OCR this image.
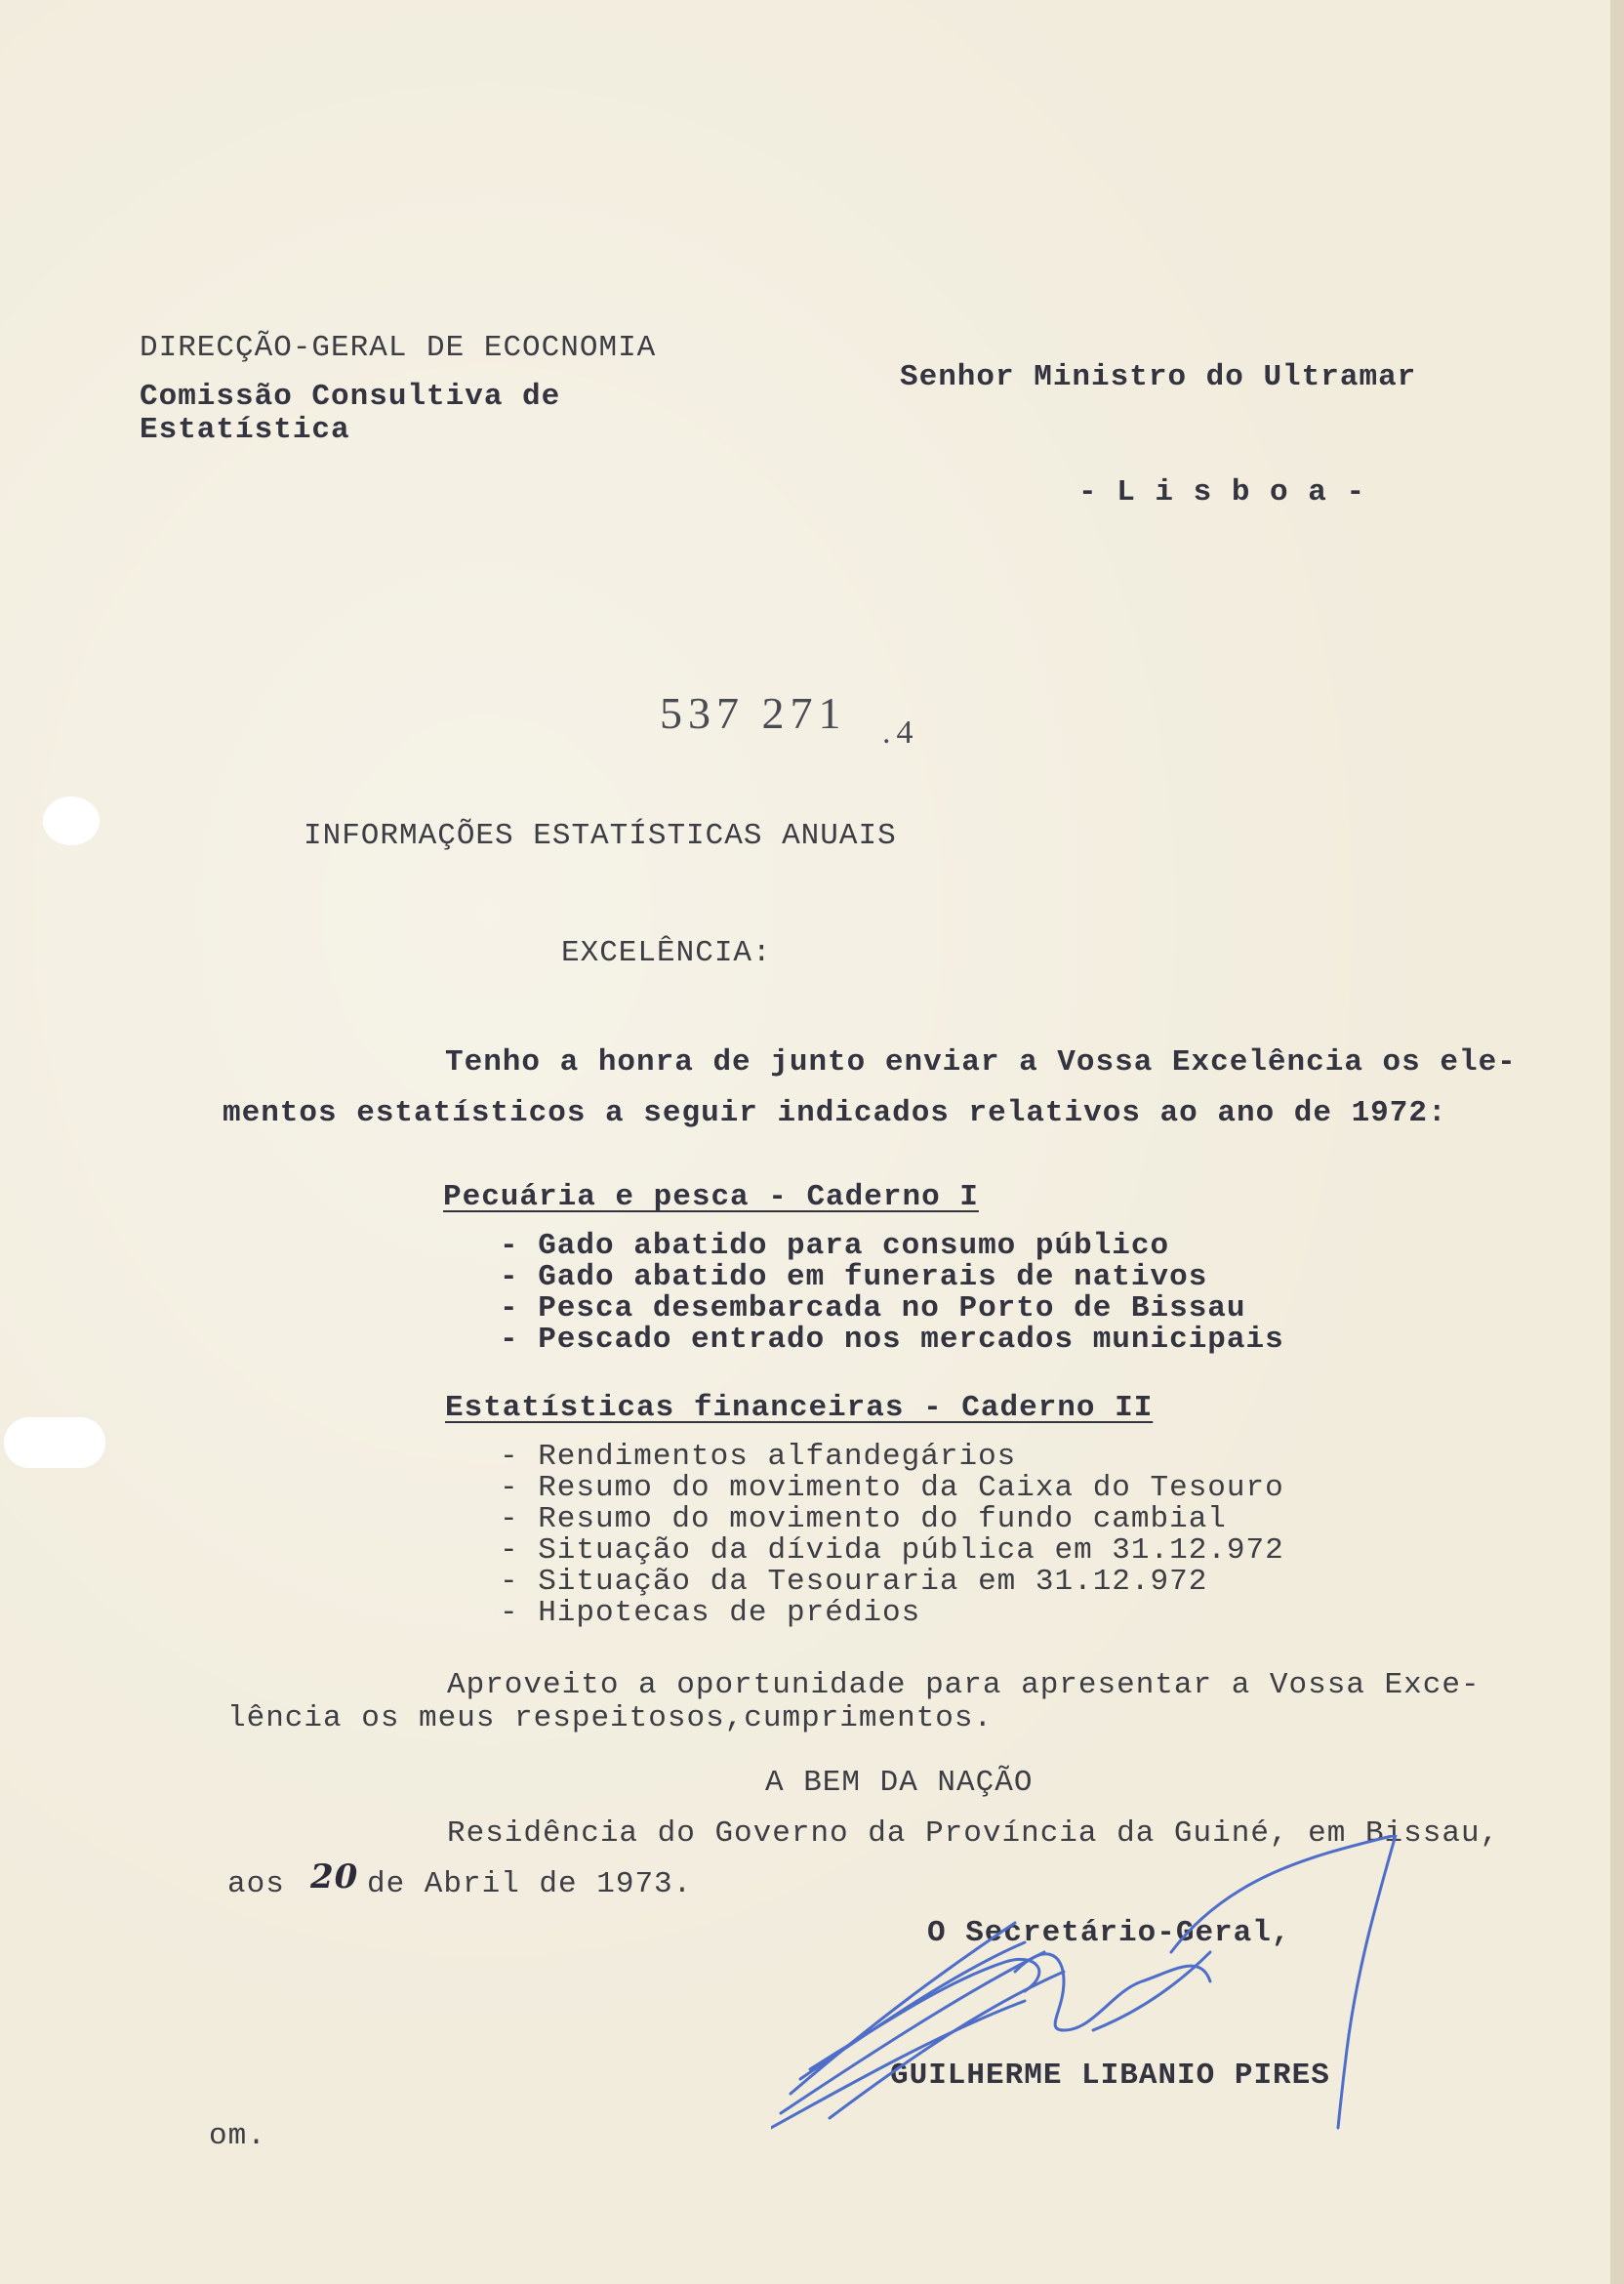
DIRECÇÃO-GERAL DE ECOCNOMIA
Comissão Consultiva de
Estatística
Senhor Ministro do Ultramar
- L i s b o a -
537 271 .4
INFORMAÇÕES ESTATÍSTICAS ANUAIS
EXCELÊNCIA:
Tenho a honra de junto enviar a Vossa Excelência os ele-
mentos estatísticos a seguir indicados relativos ao ano de 1972:
Pecuária e pesca - Caderno I
- Gado abatido para consumo público
- Gado abatido em funerais de nativos
- Pesca desembarcada no Porto de Bissau
- Pescado entrado nos mercados municipais
Estatísticas financeiras - Caderno II
- Rendimentos alfandegários
- Resumo do movimento da Caixa do Tesouro
- Resumo do movimento do fundo cambial
- Situação da dívida pública em 31.12.972
- Situação da Tesouraria em 31.12.972
- Hipotecas de prédios
Aproveito a oportunidade para apresentar a Vossa Exce-
lência os meus respeitosos,cumprimentos.
A BEM DA NAÇÃO
Residência do Governo da Província da Guiné, em Bissau,
aos 20 de Abril de 1973.
O Secretário-Geral,
GUILHERME LIBANIO PIRES
om.
